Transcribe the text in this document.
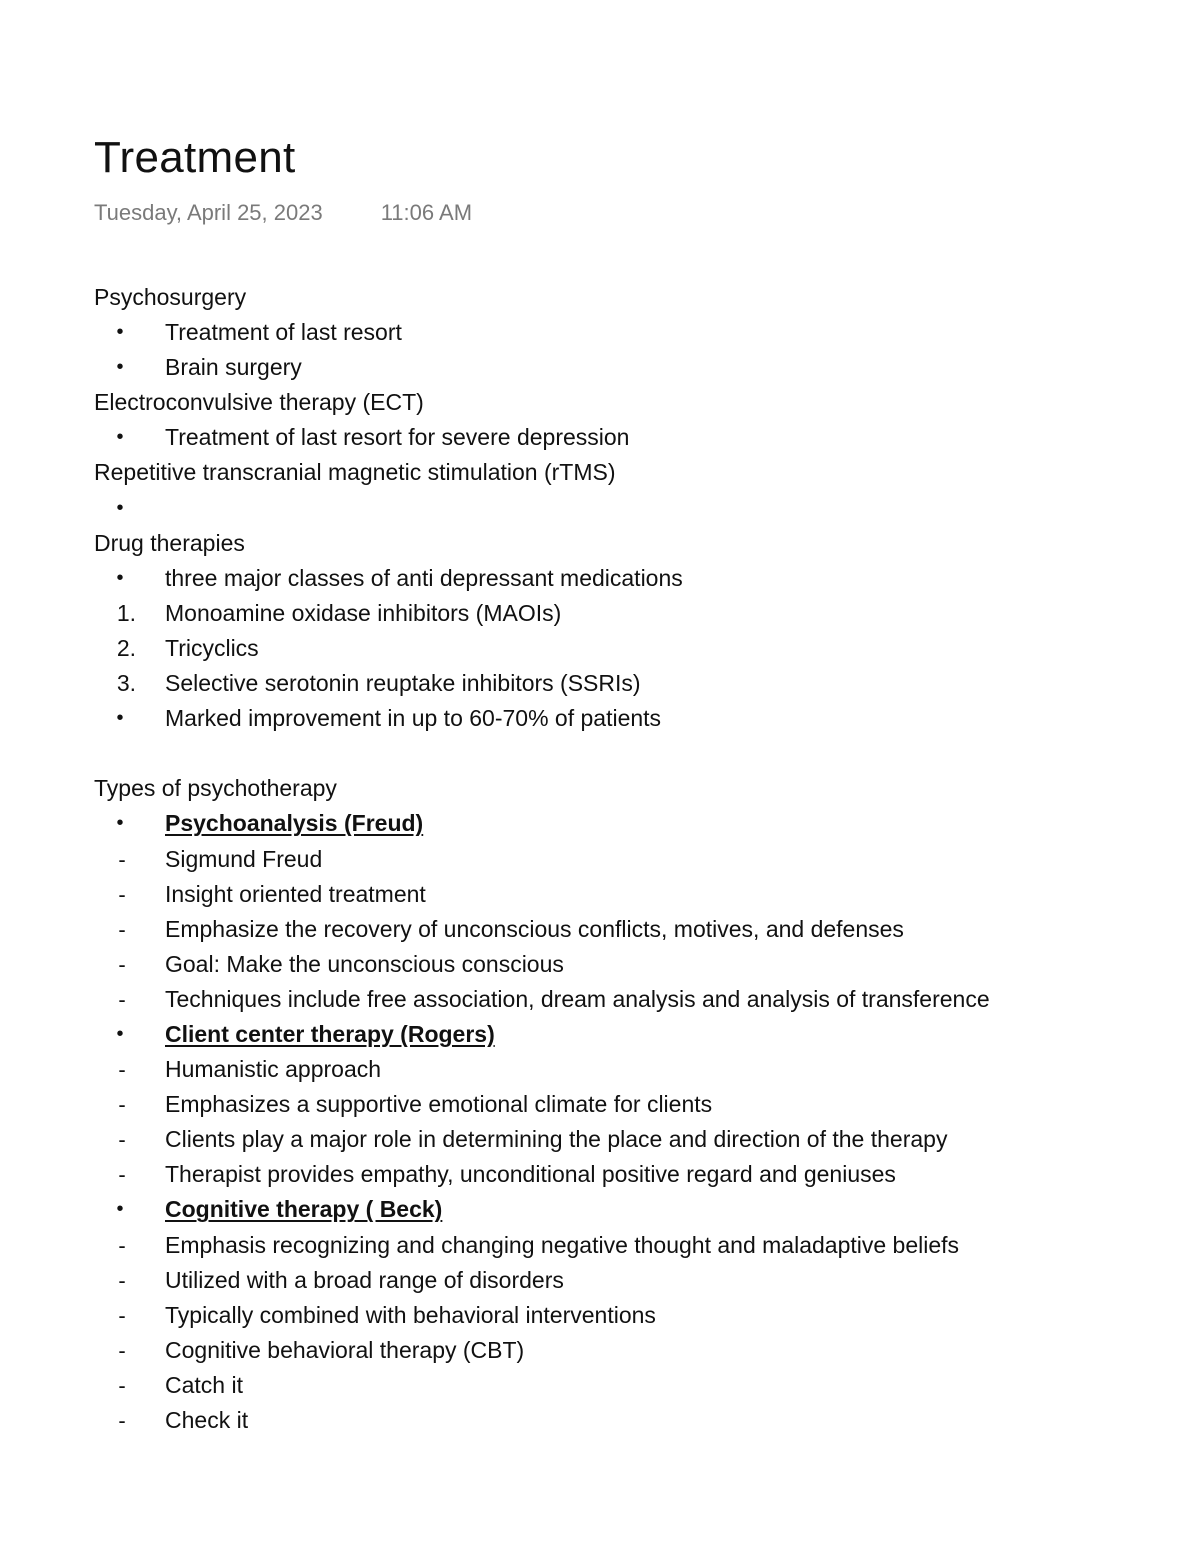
Treatment
Tuesday, April 25, 2023	11:06 AM
Psychosurgery
•	Treatment of last resort
•	Brain surgery
Electroconvulsive therapy (ECT)
•	Treatment of last resort for severe depression
Repetitive transcranial magnetic stimulation (rTMS)
•
Drug therapies
•	three major classes of anti depressant medications
1. Monoamine oxidase inhibitors (MAOIs)
2. Tricyclics
3. Selective serotonin reuptake inhibitors (SSRIs)
•	Marked improvement in up to 60-70% of patients
Types of psychotherapy
•	Psychoanalysis (Freud)
-	Sigmund Freud
-	Insight oriented treatment
-	Emphasize the recovery of unconscious conflicts, motives, and defenses
-	Goal: Make the unconscious conscious
-	Techniques include free association, dream analysis and analysis of transference
•	Client center therapy (Rogers)
-	Humanistic approach
-	Emphasizes a supportive emotional climate for clients
-	Clients play a major role in determining the place and direction of the therapy
-	Therapist provides empathy, unconditional positive regard and geniuses
•	Cognitive therapy ( Beck)
-	Emphasis recognizing and changing negative thought and maladaptive beliefs
-	Utilized with a broad range of disorders
-	Typically combined with behavioral interventions
-	Cognitive behavioral therapy (CBT)
-	Catch it
-	Check it
